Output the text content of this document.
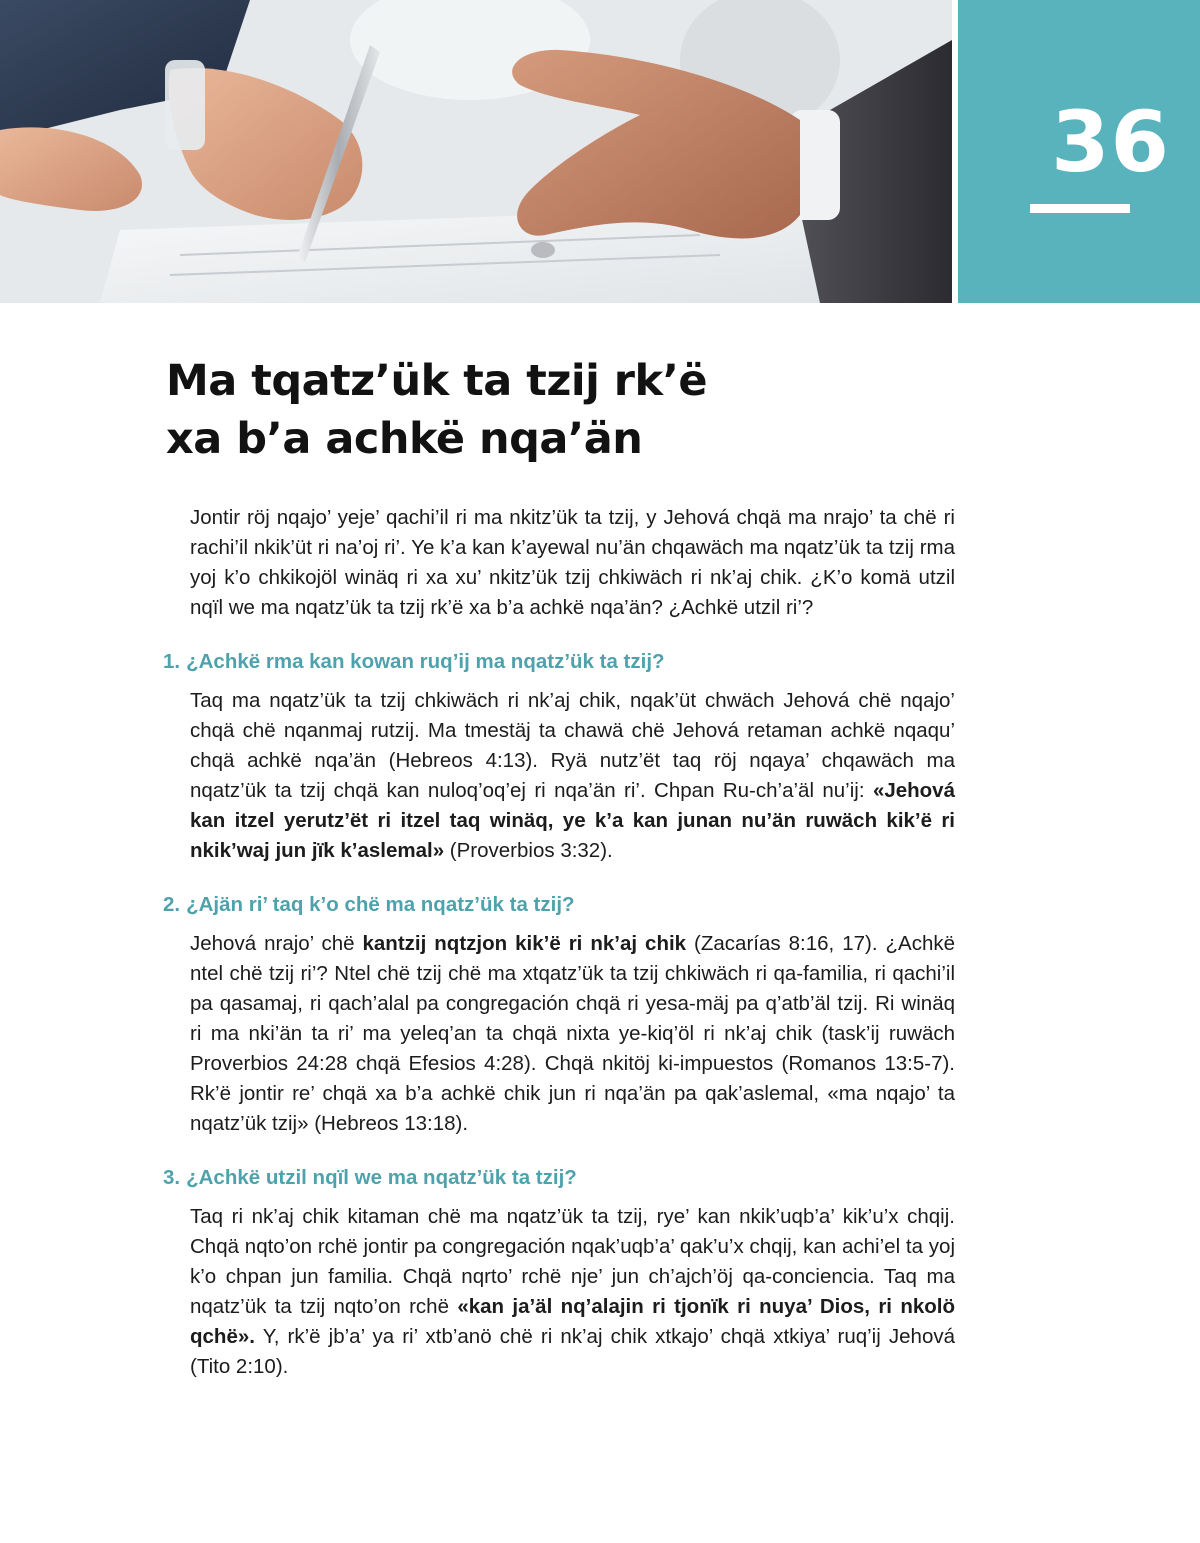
36
Ma tqatz’ük ta tzij rk’ë
xa b’a achkë nqa’än

Jontir röj nqajo’ yeje’ qachi’il ri ma nkitz’ük ta tzij, y Jehová chqä ma nrajo’ ta chë ri rachi’il nkik’üt ri na’oj ri’. Ye k’a kan k’ayewal nu’än chqawäch ma nqatz’ük ta tzij rma yoj k’o chkikojöl winäq ri xa xu’ nkitz’ük tzij chkiwäch ri nk’aj chik. ¿K’o komä utzil nqïl we ma nqatz’ük ta tzij rk’ë xa b’a achkë nqa’än? ¿Achkë utzil ri’?

1. ¿Achkë rma kan kowan ruq’ij ma nqatz’ük ta tzij?

Taq ma nqatz’ük ta tzij chkiwäch ri nk’aj chik, nqak’üt chwäch Jehová chë nqajo’ chqä chë nqanmaj rutzij. Ma tmestäj ta chawä chë Jehová retaman achkë nqaqu’ chqä achkë nqa’än (Hebreos 4:13). Ryä nutz’ët taq röj nqaya’ chqawäch ma nqatz’ük ta tzij chqä kan nuloq’oq’ej ri nqa’än ri’. Chpan Ru-ch’a’äl nu’ij: «Jehová kan itzel yerutz’ët ri itzel taq winäq, ye k’a kan junan nu’än ruwäch kik’ë ri nkik’waj jun jïk k’aslemal» (Proverbios 3:32).

2. ¿Ajän ri’ taq k’o chë ma nqatz’ük ta tzij?

Jehová nrajo’ chë kantzij nqtzjon kik’ë ri nk’aj chik (Zacarías 8:16, 17). ¿Achkë ntel chë tzij ri’? Ntel chë tzij chë ma xtqatz’ük ta tzij chkiwäch ri qa-familia, ri qachi’il pa qasamaj, ri qach’alal pa congregación chqä ri yesa-mäj pa q’atb’äl tzij. Ri winäq ri ma nki’än ta ri’ ma yeleq’an ta chqä nixta ye-kiq’öl ri nk’aj chik (task’ij ruwäch Proverbios 24:28 chqä Efesios 4:28). Chqä nkitöj ki-impuestos (Romanos 13:5-7). Rk’ë jontir re’ chqä xa b’a achkë chik jun ri nqa’än pa qak’aslemal, «ma nqajo’ ta nqatz’ük tzij» (Hebreos 13:18).

3. ¿Achkë utzil nqïl we ma nqatz’ük ta tzij?

Taq ri nk’aj chik kitaman chë ma nqatz’ük ta tzij, rye’ kan nkik’uqb’a’ kik’u’x chqij. Chqä nqto’on rchë jontir pa congregación nqak’uqb’a’ qak’u’x chqij, kan achi’el ta yoj k’o chpan jun familia. Chqä nqrto’ rchë nje’ jun ch’ajch’öj qa-conciencia. Taq ma nqatz’ük ta tzij nqto’on rchë «kan ja’äl nq’alajin ri tjonïk ri nuya’ Dios, ri nkolö qchë». Y, rk’ë jb’a’ ya ri’ xtb’anö chë ri nk’aj chik xtkajo’ chqä xtkiya’ ruq’ij Jehová (Tito 2:10).
